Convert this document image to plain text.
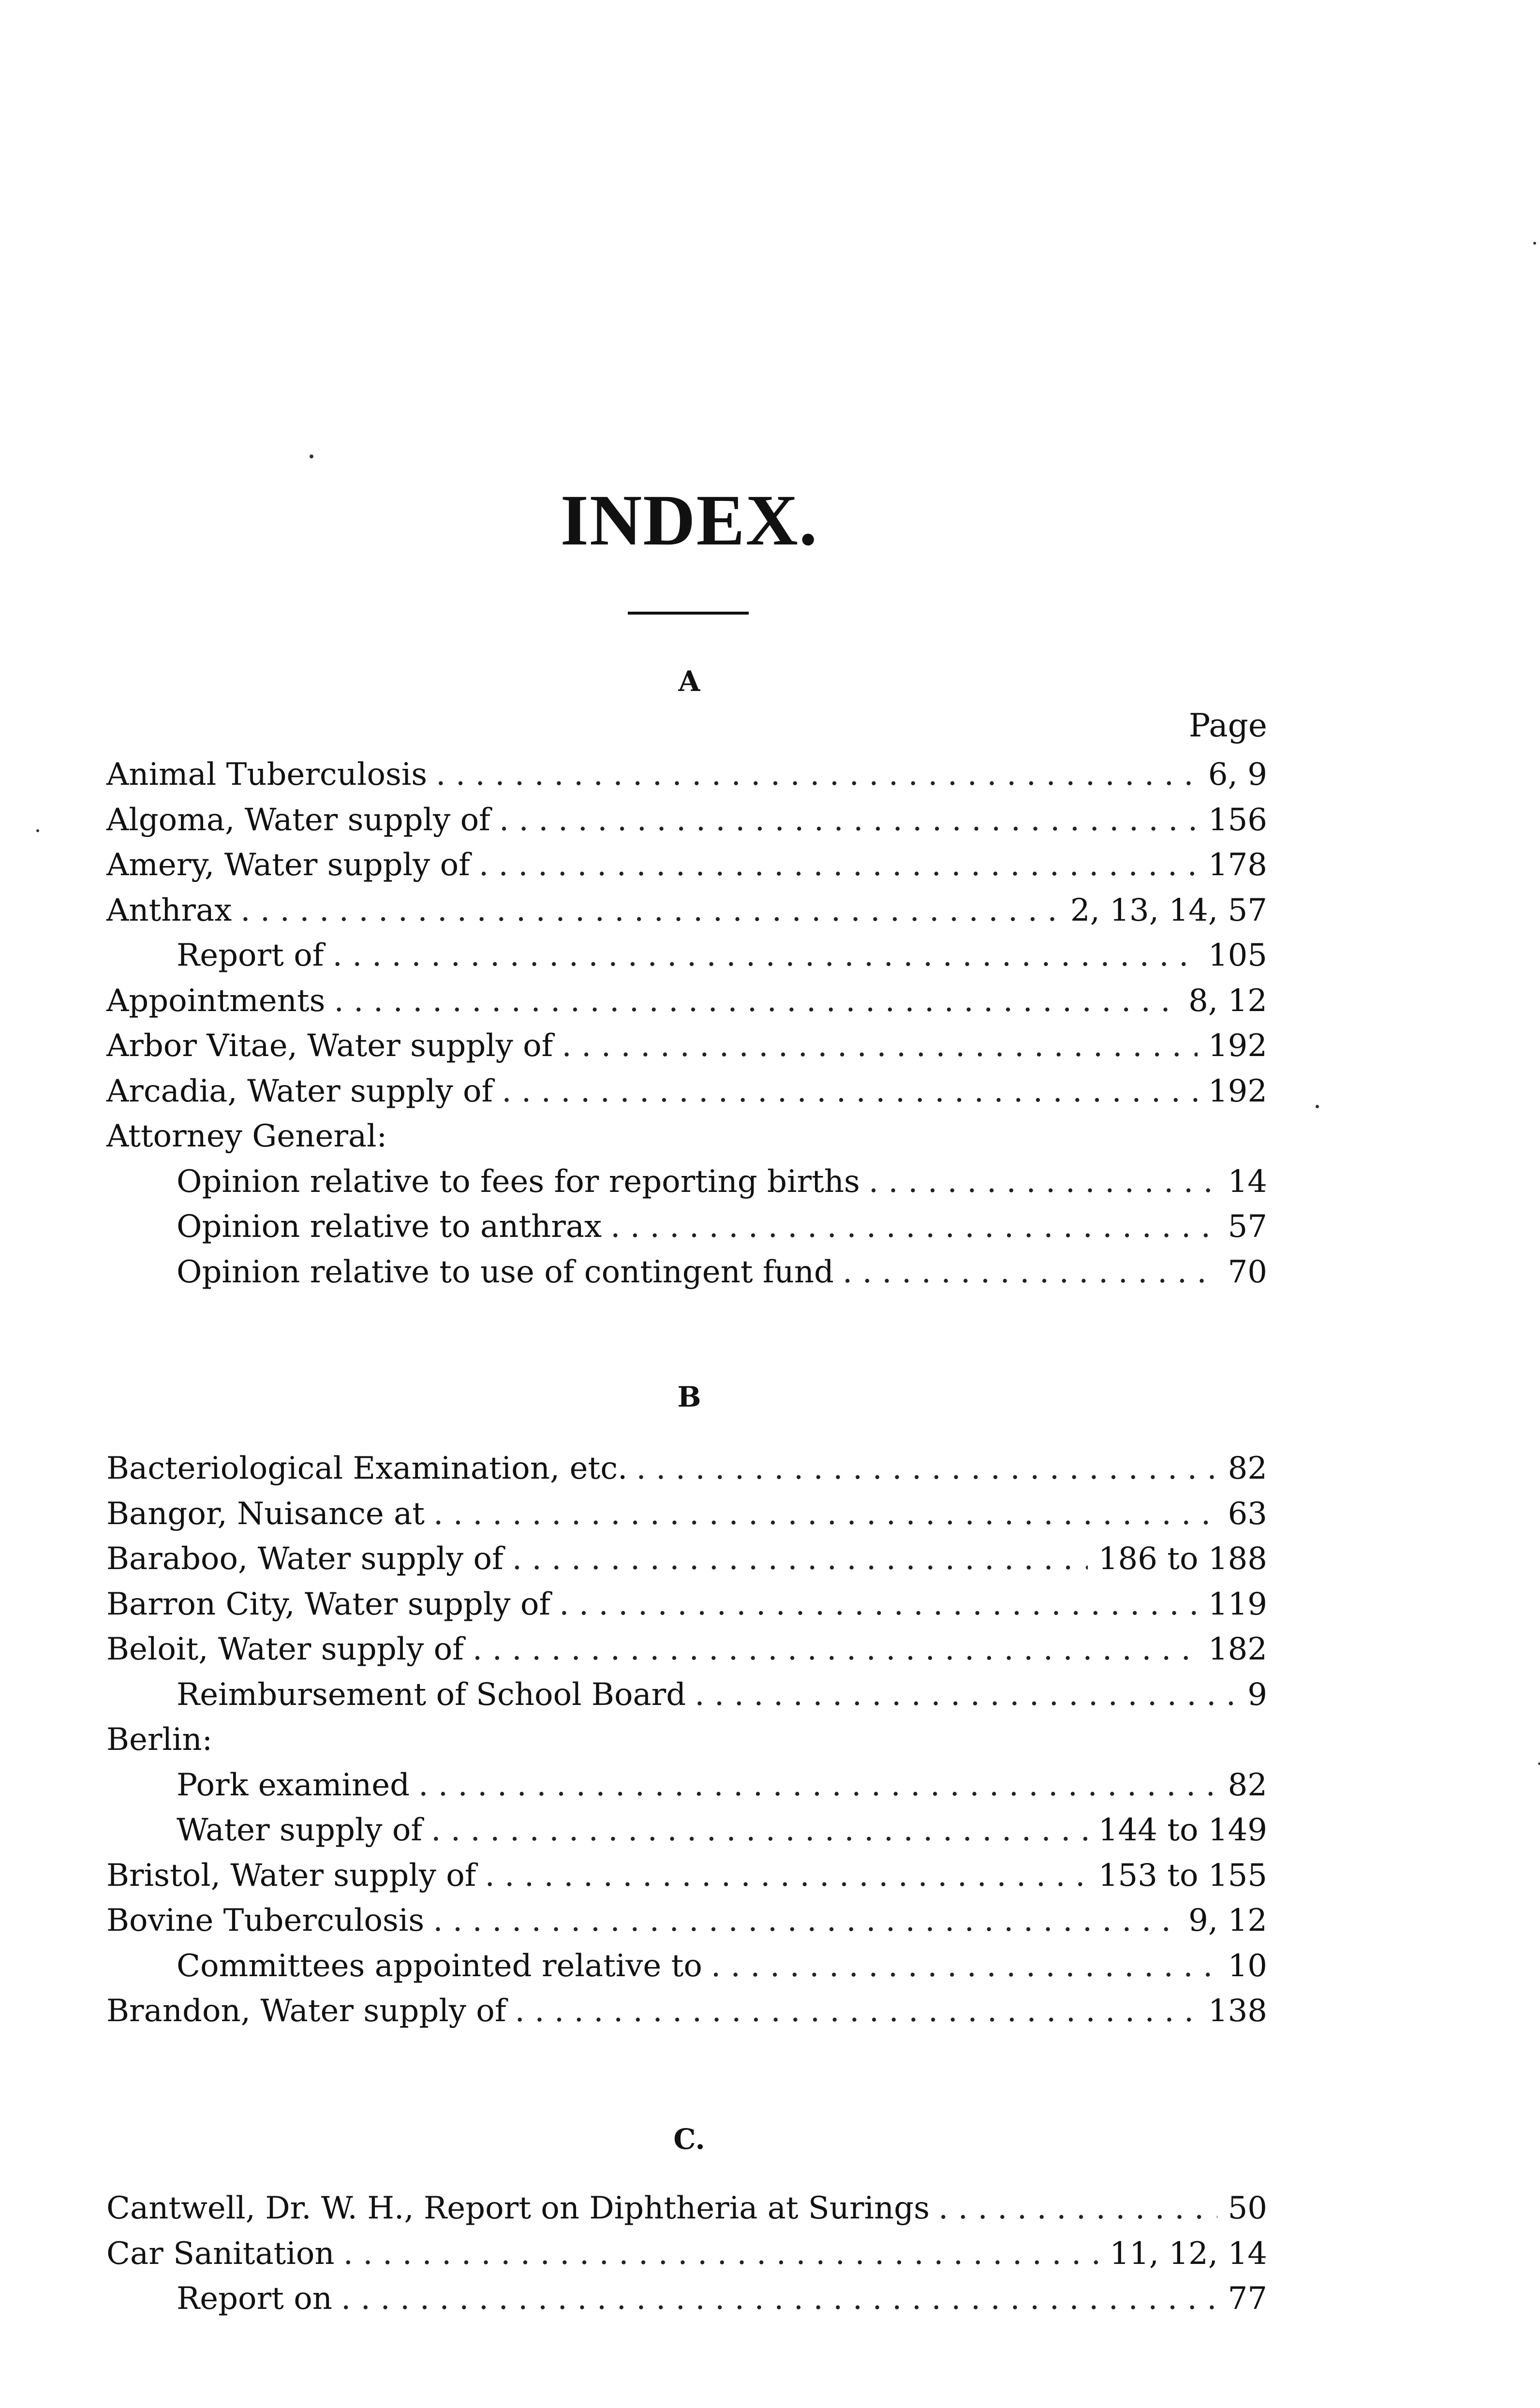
INDEX.
A
Page
B
C.
Animal Tuberculosis . . .	6, 9
Algoma, Water supply of . . .	156
Amery, Water supply of . . .	178
Anthrax . . .	2, 13, 14, 57
Report of . . .	105
Appointments . . .	8, 12
Arbor Vitae, Water supply of . . .	192
Arcadia, Water supply of . . .	192
Attorney General:
Opinion relative to fees for reporting births . . .	14
Opinion relative to anthrax . . .	57
Opinion relative to use of contingent fund . . .	70
Bacteriological Examination, etc. . . .	82
Bangor, Nuisance at . . .	63
Baraboo, Water supply of . . .	186 to 188
Barron City, Water supply of . . .	119
Beloit, Water supply of . . .	182
Reimbursement of School Board . . .	9
Berlin:
Pork examined . . .	82
Water supply of . . .	144 to 149
Bristol, Water supply of . . .	153 to 155
Bovine Tuberculosis . . .	9, 12
Committees appointed relative to . . .	10
Brandon, Water supply of . . .	138
Cantwell, Dr. W. H., Report on Diphtheria at Surings . . .	50
Car Sanitation . . .	11, 12, 14
Report on . . .	77
